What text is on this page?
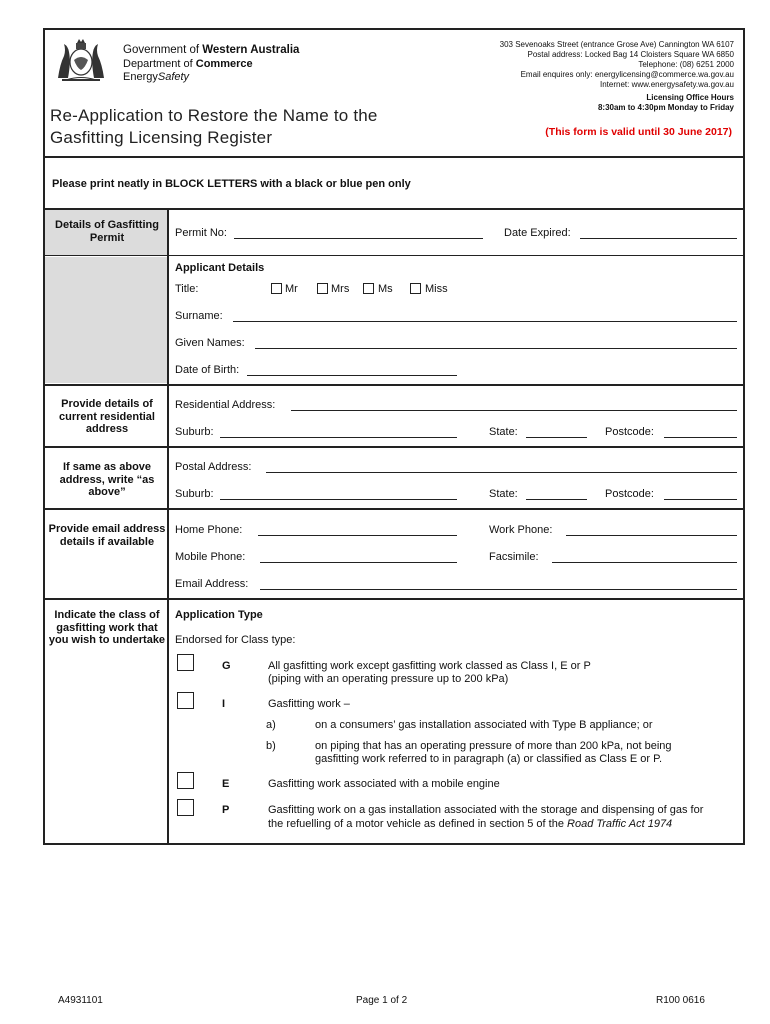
Government of Western Australia
Department of Commerce
EnergySafety
303 Sevenoaks Street (entrance Grose Ave) Cannington WA 6107
Postal address: Locked Bag 14 Cloisters Square WA 6850
Telephone: (08) 6251 2000
Email enquires only: energylicensing@commerce.wa.gov.au
Internet: www.energysafety.wa.gov.au
Licensing Office Hours
8:30am to 4:30pm Monday to Friday
Re-Application to Restore the Name to the
Gasfitting Licensing Register	(This form is valid until 30 June 2017)
Please print neatly in BLOCK LETTERS with a black or blue pen only
Details of Gasfitting Permit	Permit No:	Date Expired:
Applicant Details
Title:	Mr	Mrs	Ms	Miss
Surname:
Given Names:
Date of Birth:
Provide details of current residential address
Residential Address:
Suburb:	State:	Postcode:
If same as above address, write “as above”
Postal Address:
Suburb:	State:	Postcode:
Provide email address details if available
Home Phone:	Work Phone:
Mobile Phone:	Facsimile:
Email Address:
Indicate the class of gasfitting work that you wish to undertake
Application Type
Endorsed for Class type:
G	All gasfitting work except gasfitting work classed as Class I, E or P
(piping with an operating pressure up to 200 kPa)
I	Gasfitting work –
a)	on a consumers’ gas installation associated with Type B appliance; or
b)	on piping that has an operating pressure of more than 200 kPa, not being
gasfitting work referred to in paragraph (a) or classified as Class E or P.
E	Gasfitting work associated with a mobile engine
P	Gasfitting work on a gas installation associated with the storage and dispensing of gas for
the refuelling of a motor vehicle as defined in section 5 of the Road Traffic Act 1974
A4931101	Page 1 of 2	R100 0616
